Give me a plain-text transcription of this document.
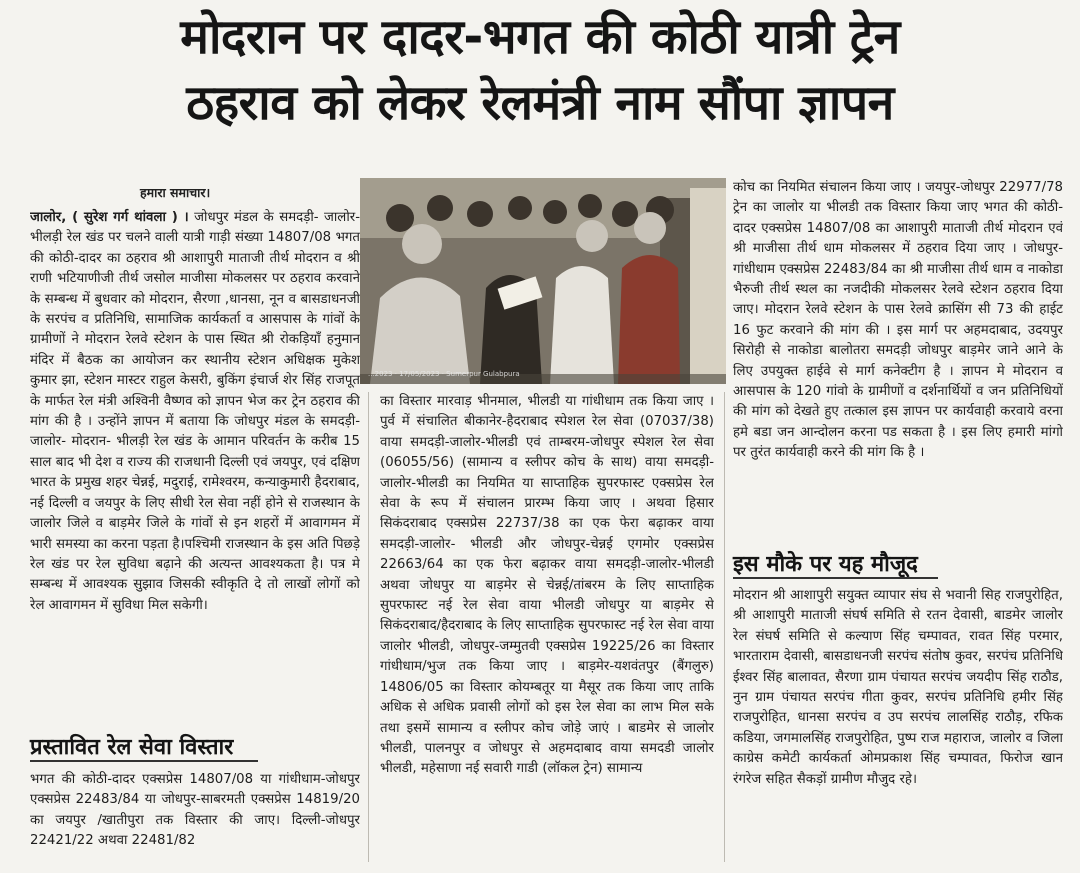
मोदरान पर दादर-भगत की कोठी यात्री ट्रेन
ठहराव को लेकर रेलमंत्री नाम सौंपा ज्ञापन
हमारा समाचार।
जालोर, ( सुरेश गर्ग थांवला ) । जोधपुर मंडल के समदड़ी- जालोर- भीलड़ी रेल खंड पर चलने वाली यात्री गाड़ी संख्या 14807/08 भगत की कोठी-दादर का ठहराव श्री आशापुरी माताजी तीर्थ मोदरान व श्री राणी भटियाणीजी तीर्थ जसोल माजीसा मोकलसर पर ठहराव करवाने के सम्बन्ध में बुधवार को मोदरान, सैरणा ,धानसा, नून व बासडाधनजी के सरपंच व प्रतिनिधि, सामाजिक कार्यकर्ता व आसपास के गांवों के ग्रामीणों ने मोदरान रेलवे स्टेशन के पास स्थित श्री रोकड़ियाँ हनुमान मंदिर में बैठक का आयोजन कर स्थानीय स्टेशन अधिक्षक मुकेश कुमार झा, स्टेशन मास्टर राहुल केसरी, बुकिंग इंचार्ज शेर सिंह राजपूत के मार्फत रेल मंत्री अश्विनी वैष्णव को ज्ञापन भेज कर ट्रेन ठहराव की मांग की है । उन्होंने ज्ञापन में बताया कि जोधपुर मंडल के समदड़ी- जालोर- मोदरान- भीलड़ी रेल खंड के आमान परिवर्तन के करीब 15 साल बाद भी देश व राज्य की राजधानी दिल्ली एवं जयपुर, एवं दक्षिण भारत के प्रमुख शहर चेन्नई, मदुराई, रामेश्वरम, कन्याकुमारी हैदराबाद, नई दिल्ली व जयपुर के लिए सीधी रेल सेवा नहीं होने से राजस्थान के जालोर जिले व बाड़मेर जिले के गांवों से इन शहरों में आवागमन में भारी समस्या का करना पड़ता है।पश्चिमी राजस्थान के इस अति पिछड़े रेल खंड पर रेल सुविधा बढ़ाने की अत्यन्त आवश्यकता है। पत्र मे सम्बन्ध में आवश्यक सुझाव जिसकी स्वीकृति दे तो लाखों लोगों को रेल आवागमन में सुविधा मिल सकेगी।
प्रस्तावित रेल सेवा विस्तार
भगत की कोठी-दादर एक्सप्रेस 14807/08 या गांधीधाम-जोधपुर एक्सप्रेस 22483/84 या जोधपुर-साबरमती एक्सप्रेस 14819/20 का जयपुर /खातीपुरा तक विस्तार की जाए। दिल्ली-जोधपुर 22421/22 अथवा 22481/82
...2023 · 17/05/2023 · Sumerpur Gulabpura
का विस्तार मारवाड़ भीनमाल, भीलडी या गांधीधाम तक किया जाए । पुर्व में संचालित बीकानेर-हैदराबाद स्पेशल रेल सेवा (07037/38) वाया समदड़ी-जालोर-भीलडी एवं ताम्बरम-जोधपुर स्पेशल रेल सेवा (06055/56) (सामान्य व स्लीपर कोच के साथ) वाया समदड़ी-जालोर-भीलडी का नियमित या साप्ताहिक सुपरफास्ट एक्सप्रेस रेल सेवा के रूप में संचालन प्रारम्भ किया जाए । अथवा हिसार सिकंदराबाद एक्सप्रेस 22737/38 का एक फेरा बढ़ाकर वाया समदड़ी-जालोर- भीलडी और जोधपुर-चेन्नई एगमोर एक्सप्रेस 22663/64 का एक फेरा बढ़ाकर वाया समदड़ी-जालोर-भीलडी अथवा जोधपुर या बाड़मेर से चेन्नई/तांबरम के लिए साप्ताहिक सुपरफास्ट नई रेल सेवा वाया भीलडी जोधपुर या बाड़मेर से सिकंदराबाद/हैदराबाद के लिए साप्ताहिक सुपरफास्ट नई रेल सेवा वाया जालोर भीलडी, जोधपुर-जम्मुतवी एक्सप्रेस 19225/26 का विस्तार गांधीधाम/भुज तक किया जाए । बाड़मेर-यशवंतपुर (बैंगलुरु) 14806/05 का विस्तार कोयम्बतूर या मैसूर तक किया जाए ताकि अधिक से अधिक प्रवासी लोगों को इस रेल सेवा का लाभ मिल सके तथा इसमें सामान्य व स्लीपर कोच जोड़े जाएं । बाडमेर से जालोर भीलडी, पालनपुर व जोधपुर से अहमदाबाद वाया समदडी जालोर भीलडी, महेसाणा नई सवारी गाडी (लॉकल ट्रेन) सामान्य
कोच का नियमित संचालन किया जाए । जयपुर-जोधपुर 22977/78 ट्रेन का जालोर या भीलडी तक विस्तार किया जाए भगत की कोठी-दादर एक्सप्रेस 14807/08 का आशापुरी माताजी तीर्थ मोदरान एवं श्री माजीसा तीर्थ धाम मोकलसर में ठहराव दिया जाए । जोधपुर-गांधीधाम एक्सप्रेस 22483/84 का श्री माजीसा तीर्थ धाम व नाकोडा भैरुजी तीर्थ स्थल का नजदीकी मोकलसर रेलवे स्टेशन ठहराव दिया जाए। मोदरान रेलवे स्टेशन के पास रेलवे क्रासिंग सी 73 की हाईट 16 फुट करवाने की मांग की । इस मार्ग पर अहमदाबाद, उदयपुर सिरोही से नाकोडा बालोतरा समदड़ी जोधपुर बाड़मेर जाने आने के लिए उपयुक्त हाईवे से मार्ग कनेक्टीग है । ज्ञापन मे मोदरान व आसपास के 120 गांवो के ग्रामीणों व दर्शनार्थियों व जन प्रतिनिधियों की मांग को देखते हुए तत्काल इस ज्ञापन पर कार्यवाही करवाये वरना हमे बडा जन आन्दोलन करना पड सकता है । इस लिए हमारी मांगो पर तुरंत कार्यवाही करने की मांग कि है ।
इस मौके पर यह मौजूद
मोदरान श्री आशापुरी सयुक्त व्यापार संघ से भवानी सिह राजपुरोहित, श्री आशापुरी माताजी संघर्ष समिति से रतन देवासी, बाडमेर जालोर रेल संघर्ष समिति से कल्याण सिंह चम्पावत, रावत सिंह परमार, भारताराम देवासी, बासडाधनजी सरपंच संतोष कुवर, सरपंच प्रतिनिधि ईश्वर सिंह बालावत, सैरणा ग्राम पंचायत सरपंच जयदीप सिंह राठौड, नुन ग्राम पंचायत सरपंच गीता कुवर, सरपंच प्रतिनिधि हमीर सिंह राजपुरोहित, धानसा सरपंच व उप सरपंच लालसिंह राठौड़, रफिक कडिया, जगमालसिंह राजपुरोहित, पुष्प राज महाराज, जालोर व जिला काग्रेस कमेटी कार्यकर्ता ओमप्रकाश सिंह चम्पावत, फिरोज खान रंगरेज सहित सैकड़ों ग्रामीण मौजुद रहे।
